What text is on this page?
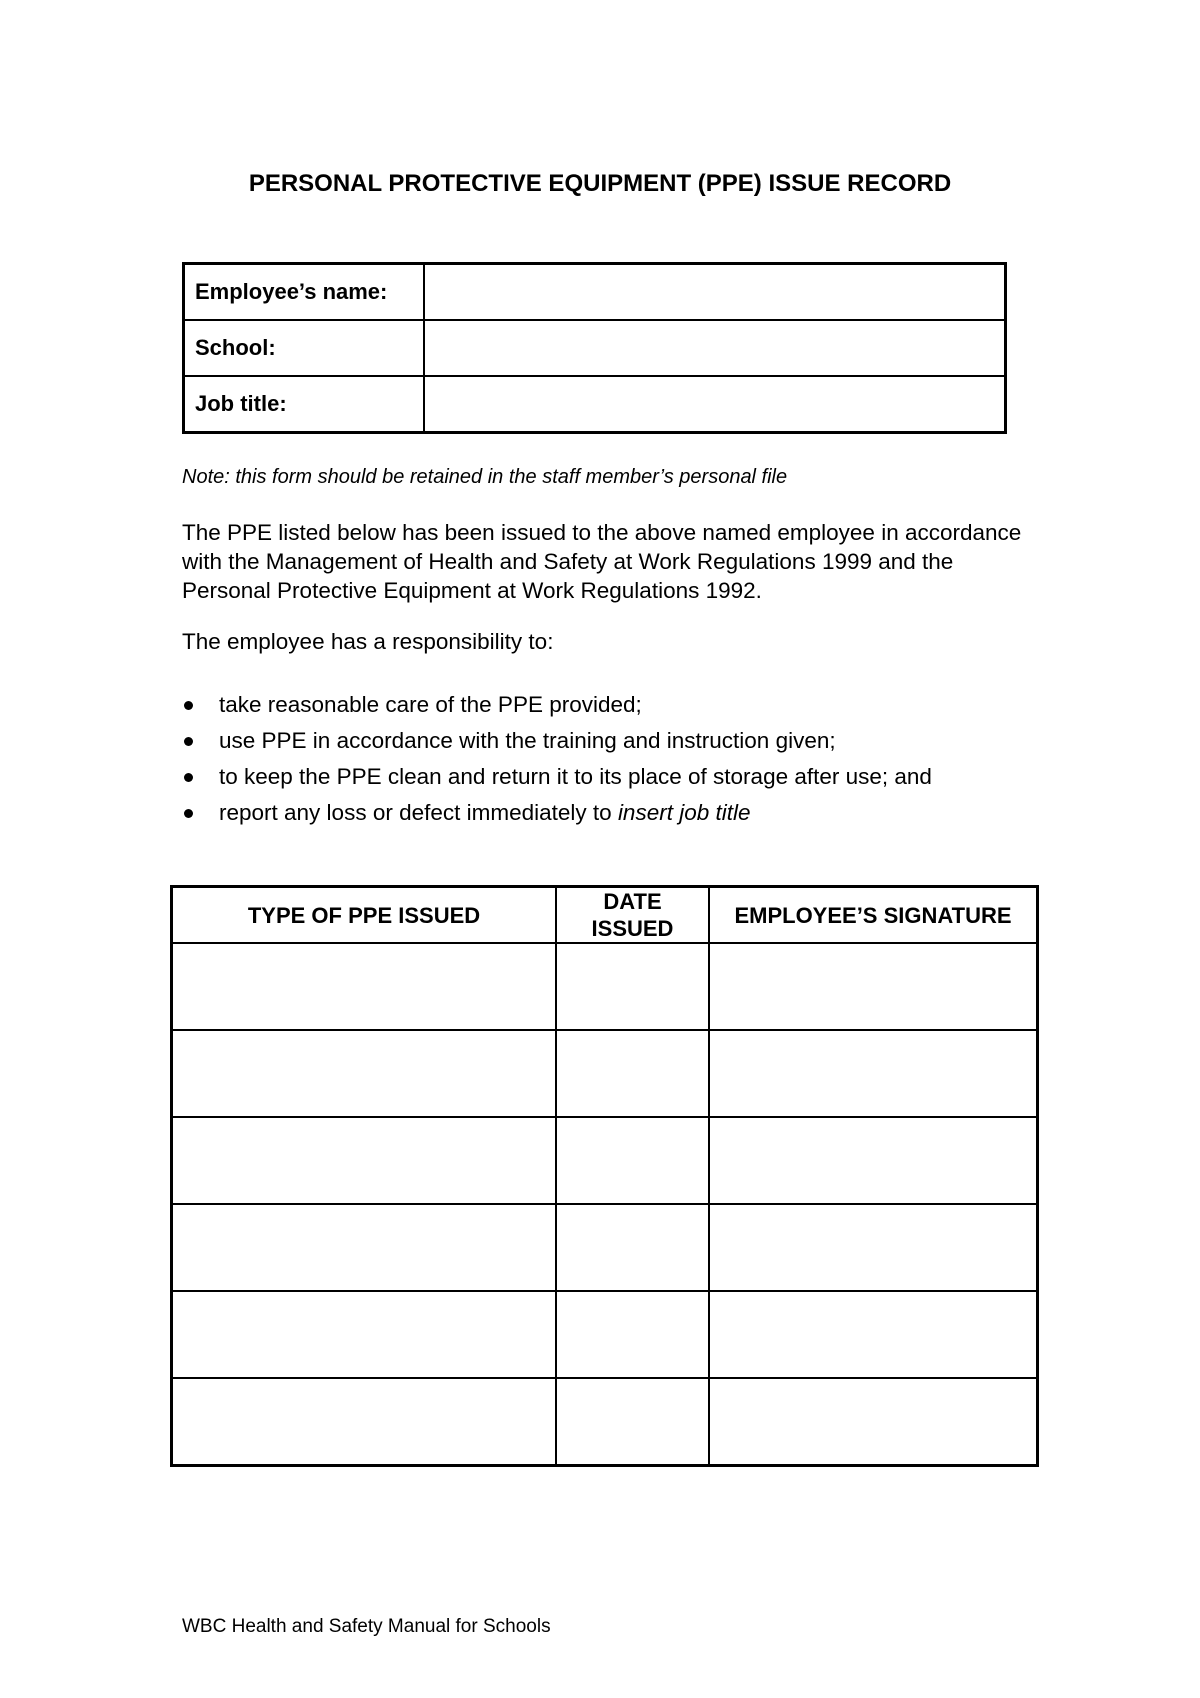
PERSONAL PROTECTIVE EQUIPMENT (PPE) ISSUE RECORD
Employee’s name:	
School:	
Job title:	
Note: this form should be retained in the staff member’s personal file
The PPE listed below has been issued to the above named employee in accordance with the Management of Health and Safety at Work Regulations 1999 and the Personal Protective Equipment at Work Regulations 1992.
The employee has a responsibility to:
take reasonable care of the PPE provided;
use PPE in accordance with the training and instruction given;
to keep the PPE clean and return it to its place of storage after use; and
report any loss or defect immediately to insert job title
TYPE OF PPE ISSUED	DATE ISSUED	EMPLOYEE’S SIGNATURE

WBC Health and Safety Manual for Schools
